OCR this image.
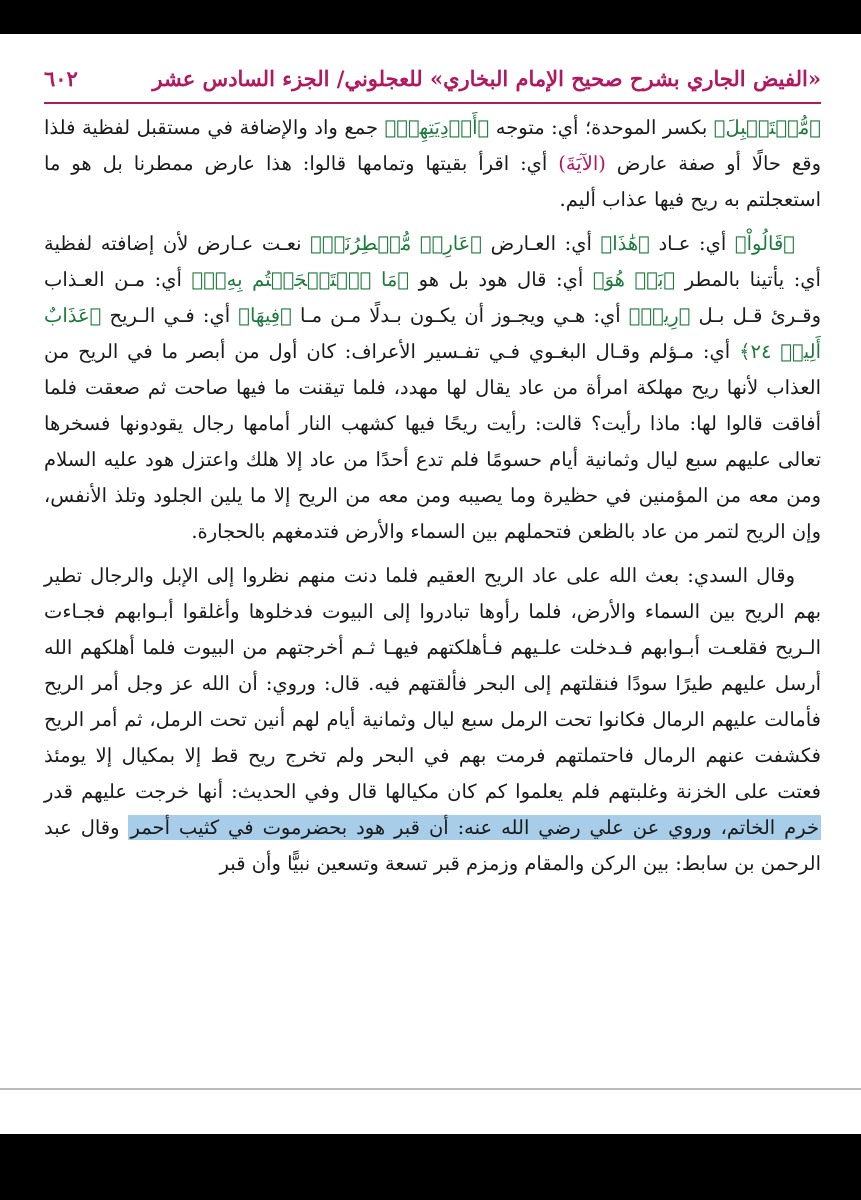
«الفيض الجاري بشرح صحيح الإمام البخاري» للعجلوني/ الجزء السادس عشر
٦٠٢

﴿مُّسۡتَقۡبِلَ﴾ بكسر الموحدة؛ أي: متوجه ﴿أَوۡدِيَتِهِمۡ﴾ جمع واد والإضافة في مستقبل لفظية فلذا وقع حالًا أو صفة عارض (الآيَةَ) أي: اقرأ بقيتها وتمامها قالوا: هذا عارض ممطرنا بل هو ما استعجلتم به ريح فيها عذاب أليم.

﴿قَالُواْ﴾ أي: عـاد ﴿هَٰذَا﴾ أي: العـارض ﴿عَارِضٞ مُّمۡطِرُنَاۚ﴾ نعـت عـارض لأن إضافته لفظية أي: يأتينا بالمطر ﴿بَلۡ هُوَ﴾ أي: قال هود بل هو ﴿مَا ٱسۡتَعۡجَلۡتُم بِهِۦۖ﴾ أي: مـن العـذاب وقـرئ قـل بـل ﴿رِيحٞ﴾ أي: هـي ويجـوز أن يكـون بـدلًا مـن مـا ﴿فِيهَا﴾ أي: فـي الـريح ﴿عَذَابٌ أَلِيمٞ ٢٤﴾ أي: مـؤلم وقـال البغـوي فـي تفـسير الأعراف: كان أول من أبصر ما في الريح من العذاب لأنها ريح مهلكة امرأة من عاد يقال لها مهدد، فلما تيقنت ما فيها صاحت ثم صعقت فلما أفاقت قالوا لها: ماذا رأيت؟ قالت: رأيت ريحًا فيها كشهب النار أمامها رجال يقودونها فسخرها تعالى عليهم سبع ليال وثمانية أيام حسومًا فلم تدع أحدًا من عاد إلا هلك واعتزل هود عليه السلام ومن معه من المؤمنين في حظيرة وما يصيبه ومن معه من الريح إلا ما يلين الجلود وتلذ الأنفس، وإن الريح لتمر من عاد بالظعن فتحملهم بين السماء والأرض فتدمغهم بالحجارة.

وقال السدي: بعث الله على عاد الريح العقيم فلما دنت منهم نظروا إلى الإبل والرجال تطير بهم الريح بين السماء والأرض، فلما رأوها تبادروا إلى البيوت فدخلوها وأغلقوا أبـوابهم فجـاءت الـريح فقلعـت أبـوابهم فـدخلت علـيهم فـأهلكتهم فيهـا ثـم أخرجتهم من البيوت فلما أهلكهم الله أرسل عليهم طيرًا سودًا فنقلتهم إلى البحر فألقتهم فيه. قال: وروي: أن الله عز وجل أمر الريح فأمالت عليهم الرمال فكانوا تحت الرمل سبع ليال وثمانية أيام لهم أنين تحت الرمل، ثم أمر الريح فكشفت عنهم الرمال فاحتملتهم فرمت بهم في البحر ولم تخرج ريح قط إلا بمكيال إلا يومئذ فعتت على الخزنة وغلبتهم فلم يعلموا كم كان مكيالها قال وفي الحديث: أنها خرجت عليهم قدر خرم الخاتم، وروي عن علي رضي الله عنه: أن قبر هود بحضرموت في كثيب أحمر وقال عبد الرحمن بن سابط: بين الركن والمقام وزمزم قبر تسعة وتسعين نبيًّا وأن قبر
